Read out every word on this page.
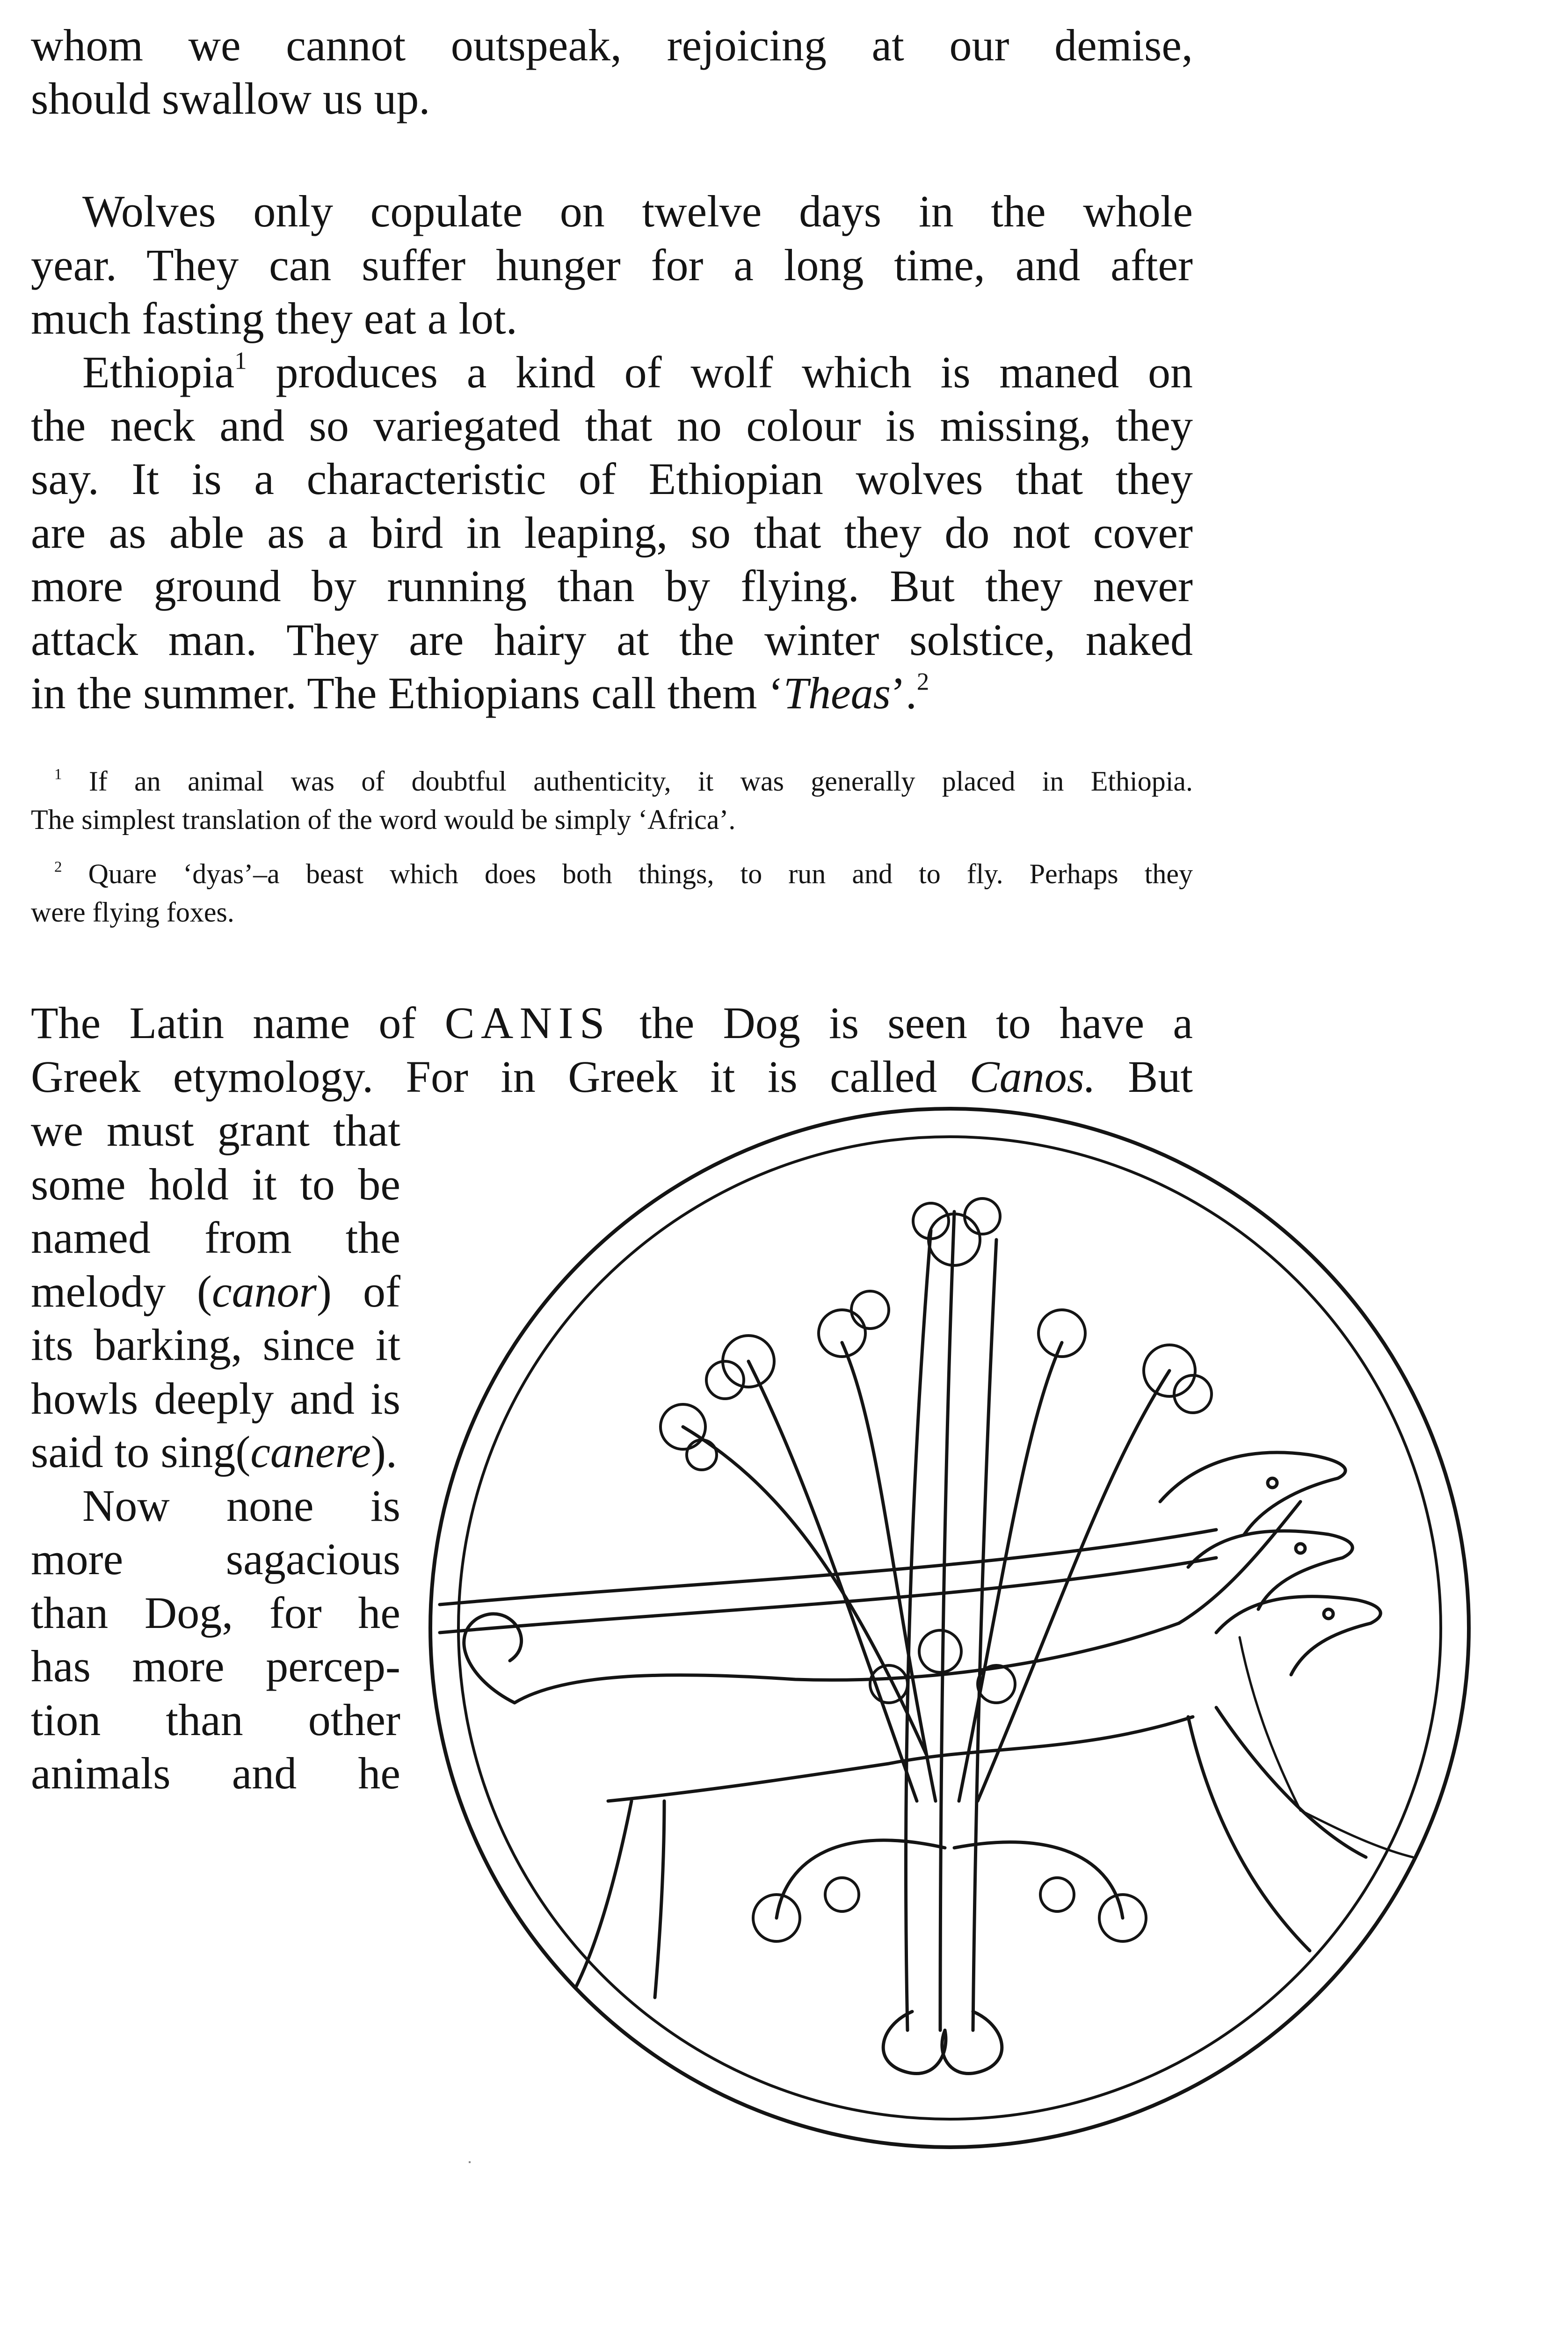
whom we cannot outspeak, rejoicing at our demise,
should swallow us up.
Wolves only copulate on twelve days in the whole
year. They can suffer hunger for a long time, and after
much fasting they eat a lot.
Ethiopia$^1$ produces a kind of wolf which is maned on
the neck and so variegated that no colour is missing, they
say. It is a characteristic of Ethiopian wolves that they
are as able as a bird in leaping, so that they do not cover
more ground by running than by flying. But they never
attack man. They are hairy at the winter solstice, naked
in the summer. The Ethiopians call them ‘Theas’.$^2$
$^1$ If an animal was of doubtful authenticity, it was generally placed in Ethiopia.
The simplest translation of the word would be simply ‘Africa’.
$^2$ Quare ‘dyas’–a beast which does both things, to run and to fly. Perhaps they
were flying foxes.
The Latin name of CANIS the Dog is seen to have a
Greek etymology. For in Greek it is called Canos. But
we must grant that
some hold it to be
named from the
melody (canor) of
its barking, since it
howls deeply and is
said to sing(canere).
Now none is
more sagacious
than Dog, for he
has more percep-
tion than other
animals and he
